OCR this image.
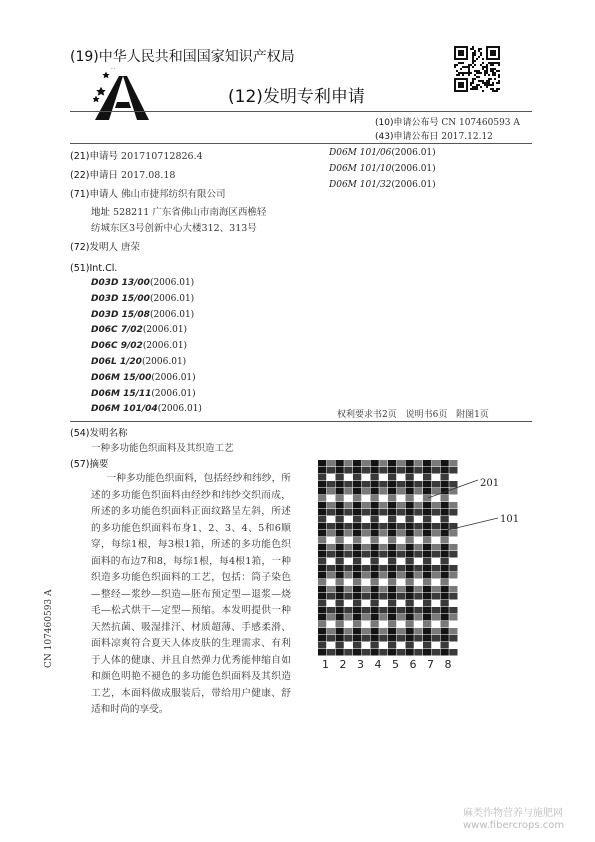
(19)中华人民共和国国家知识产权局
(12)发明专利申请
(10)申请公布号 CN 107460593 A
(43)申请公布日 2017.12.12
(21)申请号 201710712826.4
(22)申请日 2017.08.18
(71)申请人 佛山市捷邦纺织有限公司
地址 528211 广东省佛山市南海区西樵轻
纺城东区3号创新中心大楼312、313号
(72)发明人 唐荣
(51)Int.Cl.
D03D 13/00(2006.01)
D03D 15/00(2006.01)
D03D 15/08(2006.01)
D06C 7/02(2006.01)
D06C 9/02(2006.01)
D06L 1/20(2006.01)
D06M 15/00(2006.01)
D06M 15/11(2006.01)
D06M 101/04(2006.01)
D06M 101/06(2006.01)
D06M 101/10(2006.01)
D06M 101/32(2006.01)
权利要求书2页 说明书6页 附图1页
(54)发明名称
一种多功能色织面料及其织造工艺
(57)摘要

一种多功能色织面料，包括经纱和纬纱，所述的多功能色织面料由经纱和纬纱交织而成，所述的多功能色织面料正面纹路呈左斜，所述的多功能色织面料布身1、2、3、4、5和6顺穿，每综1根，每3根1筘，所述的多功能色织面料的布边7和8，每综1根，每4根1筘，一种织造多功能色织面料的工艺，包括：筒子染色—整经—浆纱—织造—胚布预定型—退浆—烧毛—松式烘干—定型—预缩。本发明提供一种天然抗菌、吸湿排汗、材质超薄、手感柔滑、面料凉爽符合夏天人体皮肤的生理需求、有利于人体的健康、并且自然弹力优秀能伸缩自如和颜色明艳不褪色的多功能色织面料及其织造工艺，本面料做成服装后，带给用户健康、舒适和时尚的享受。

201
101
1 2 3 4 5 6 7 8
CN 107460593 A
麻类作物营养与施肥网
www.fibercrops.com
